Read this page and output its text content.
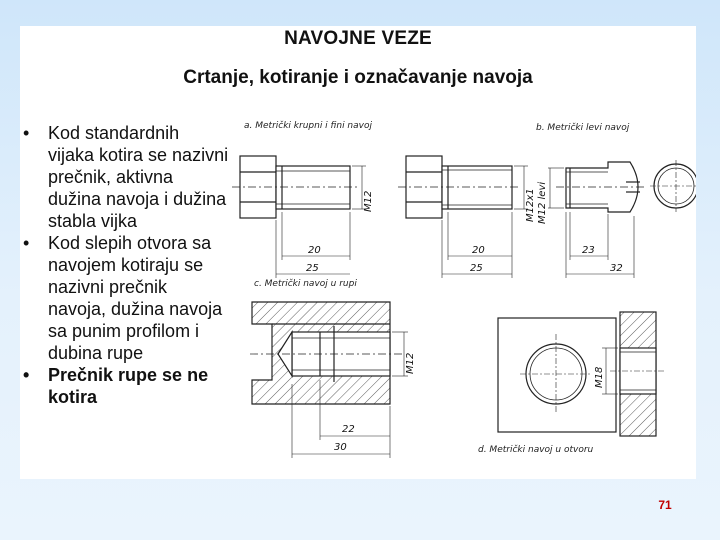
NAVOJNE VEZE
Crtanje, kotiranje i označavanje navoja
• Kod standardnih vijaka kotira se nazivni prečnik, aktivna dužina navoja i dužina stabla vijka
• Kod slepih otvora sa navojem kotiraju se nazivni prečnik navoja, dužina navoja sa punim profilom i dubina rupe
• Prečnik rupe se ne kotira
a. Metrički krupni i fini navoj	b. Metrički levi navoj
c. Metrički navoj u rupi
d. Metrički navoj u otvoru
M12
20
25
M12x1
20
25
M12 levi
23
32
M12
22
30
M18
71
